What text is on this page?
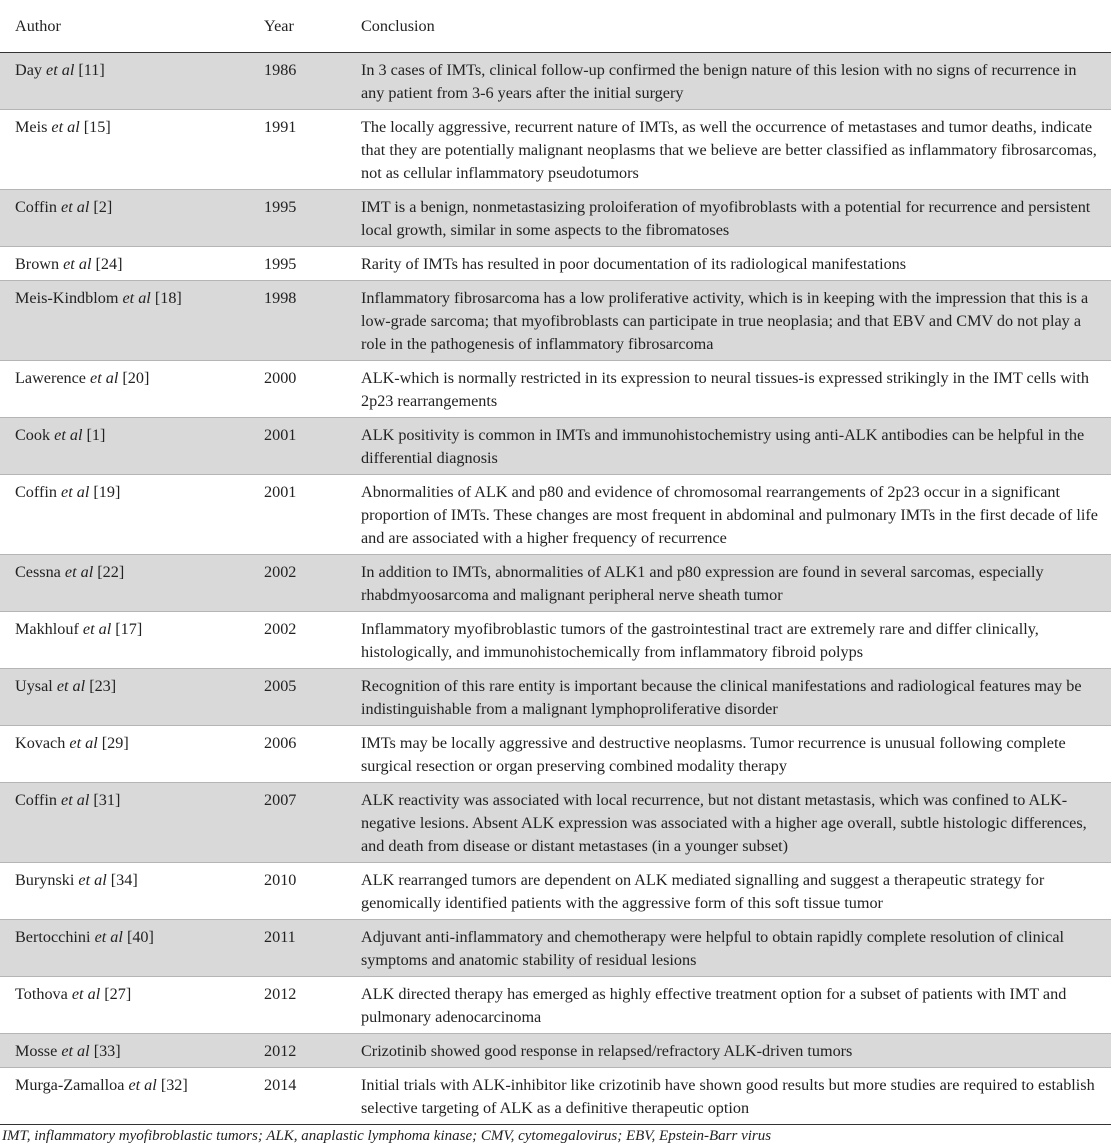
Author	Year	Conclusion
Day et al [11]	1986	In 3 cases of IMTs, clinical follow-up confirmed the benign nature of this lesion with no signs of recurrence in any patient from 3-6 years after the initial surgery
Meis et al [15]	1991	The locally aggressive, recurrent nature of IMTs, as well the occurrence of metastases and tumor deaths, indicate that they are potentially malignant neoplasms that we believe are better classified as inflammatory fibrosarcomas, not as cellular inflammatory pseudotumors
Coffin et al [2]	1995	IMT is a benign, nonmetastasizing proloiferation of myofibroblasts with a potential for recurrence and persistent local growth, similar in some aspects to the fibromatoses
Brown et al [24]	1995	Rarity of IMTs has resulted in poor documentation of its radiological manifestations
Meis-Kindblom et al [18]	1998	Inflammatory fibrosarcoma has a low proliferative activity, which is in keeping with the impression that this is a low-grade sarcoma; that myofibroblasts can participate in true neoplasia; and that EBV and CMV do not play a role in the pathogenesis of inflammatory fibrosarcoma
Lawerence et al [20]	2000	ALK-which is normally restricted in its expression to neural tissues-is expressed strikingly in the IMT cells with 2p23 rearrangements
Cook et al [1]	2001	ALK positivity is common in IMTs and immunohistochemistry using anti-ALK antibodies can be helpful in the differential diagnosis
Coffin et al [19]	2001	Abnormalities of ALK and p80 and evidence of chromosomal rearrangements of 2p23 occur in a significant proportion of IMTs. These changes are most frequent in abdominal and pulmonary IMTs in the first decade of life and are associated with a higher frequency of recurrence
Cessna et al [22]	2002	In addition to IMTs, abnormalities of ALK1 and p80 expression are found in several sarcomas, especially rhabdmyoosarcoma and malignant peripheral nerve sheath tumor
Makhlouf et al [17]	2002	Inflammatory myofibroblastic tumors of the gastrointestinal tract are extremely rare and differ clinically, histologically, and immunohistochemically from inflammatory fibroid polyps
Uysal et al [23]	2005	Recognition of this rare entity is important because the clinical manifestations and radiological features may be indistinguishable from a malignant lymphoproliferative disorder
Kovach et al [29]	2006	IMTs may be locally aggressive and destructive neoplasms. Tumor recurrence is unusual following complete surgical resection or organ preserving combined modality therapy
Coffin et al [31]	2007	ALK reactivity was associated with local recurrence, but not distant metastasis, which was confined to ALK-negative lesions. Absent ALK expression was associated with a higher age overall, subtle histologic differences, and death from disease or distant metastases (in a younger subset)
Burynski et al [34]	2010	ALK rearranged tumors are dependent on ALK mediated signalling and suggest a therapeutic strategy for genomically identified patients with the aggressive form of this soft tissue tumor
Bertocchini et al [40]	2011	Adjuvant anti-inflammatory and chemotherapy were helpful to obtain rapidly complete resolution of clinical symptoms and anatomic stability of residual lesions
Tothova et al [27]	2012	ALK directed therapy has emerged as highly effective treatment option for a subset of patients with IMT and pulmonary adenocarcinoma
Mosse et al [33]	2012	Crizotinib showed good response in relapsed/refractory ALK-driven tumors
Murga-Zamalloa et al [32]	2014	Initial trials with ALK-inhibitor like crizotinib have shown good results but more studies are required to establish selective targeting of ALK as a definitive therapeutic option
IMT, inflammatory myofibroblastic tumors; ALK, anaplastic lymphoma kinase; CMV, cytomegalovirus; EBV, Epstein-Barr virus
